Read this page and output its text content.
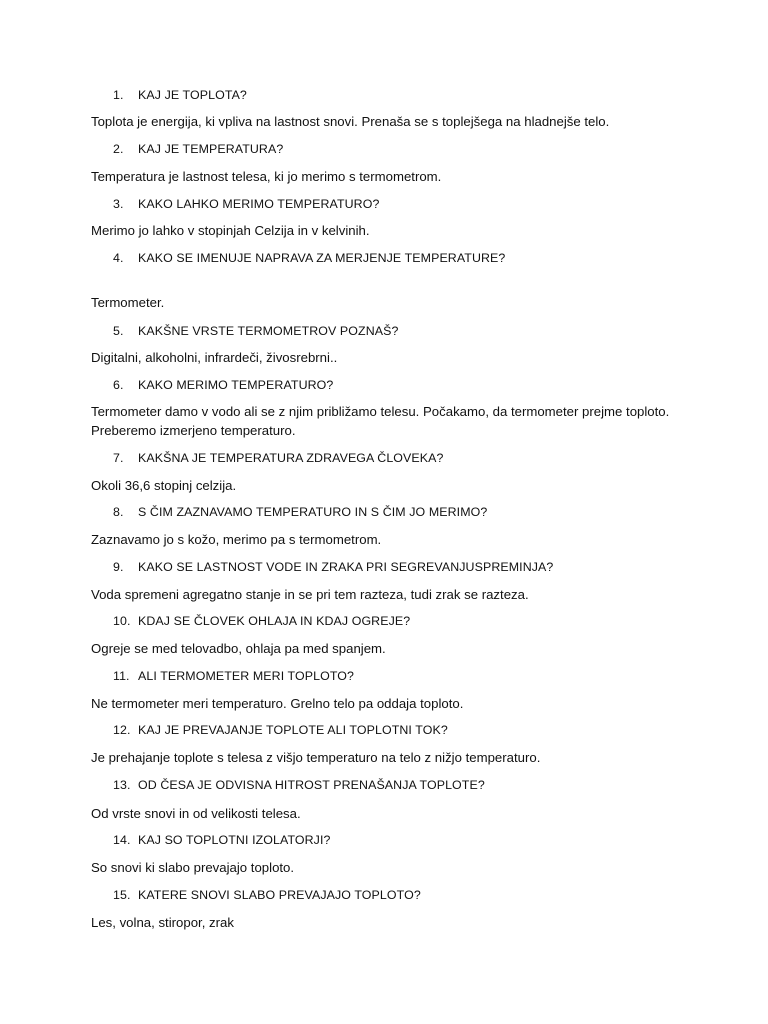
1. KAJ JE TOPLOTA?
Toplota je energija, ki vpliva na lastnost snovi. Prenaša se s toplejšega na hladnejše telo.
2. KAJ JE TEMPERATURA?
Temperatura je lastnost telesa, ki jo merimo s termometrom.
3. KAKO LAHKO MERIMO TEMPERATURO?
Merimo jo lahko v stopinjah Celzija in v kelvinih.
4. KAKO SE IMENUJE NAPRAVA ZA MERJENJE TEMPERATURE?
Termometer.
5. KAKŠNE VRSTE TERMOMETROV POZNAŠ?
Digitalni, alkoholni, infrardeči, živosrebrni..
6. KAKO MERIMO TEMPERATURO?
Termometer damo v vodo ali se z njim približamo telesu. Počakamo, da termometer prejme toploto. Preberemo izmerjeno temperaturo.
7. KAKŠNA JE TEMPERATURA ZDRAVEGA ČLOVEKA?
Okoli 36,6 stopinj celzija.
8. S ČIM ZAZNAVAMO TEMPERATURO IN S ČIM JO MERIMO?
Zaznavamo jo s kožo, merimo pa s termometrom.
9. KAKO SE LASTNOST VODE IN ZRAKA PRI SEGREVANJUSPREMINJA?
Voda spremeni agregatno stanje in se pri tem razteza, tudi zrak se razteza.
10. KDAJ SE ČLOVEK OHLAJA IN KDAJ OGREJE?
Ogreje se med telovadbo, ohlaja pa med spanjem.
11. ALI TERMOMETER MERI TOPLOTO?
Ne termometer meri temperaturo. Grelno telo pa oddaja toploto.
12. KAJ JE PREVAJANJE TOPLOTE ALI TOPLOTNI TOK?
Je prehajanje toplote s telesa z višjo temperaturo na telo z nižjo temperaturo.
13. OD ČESA JE ODVISNA HITROST PRENAŠANJA TOPLOTE?
Od vrste snovi in od velikosti telesa.
14. KAJ SO TOPLOTNI IZOLATORJI?
So snovi ki slabo prevajajo toploto.
15. KATERE SNOVI SLABO PREVAJAJO TOPLOTO?
Les, volna, stiropor, zrak
